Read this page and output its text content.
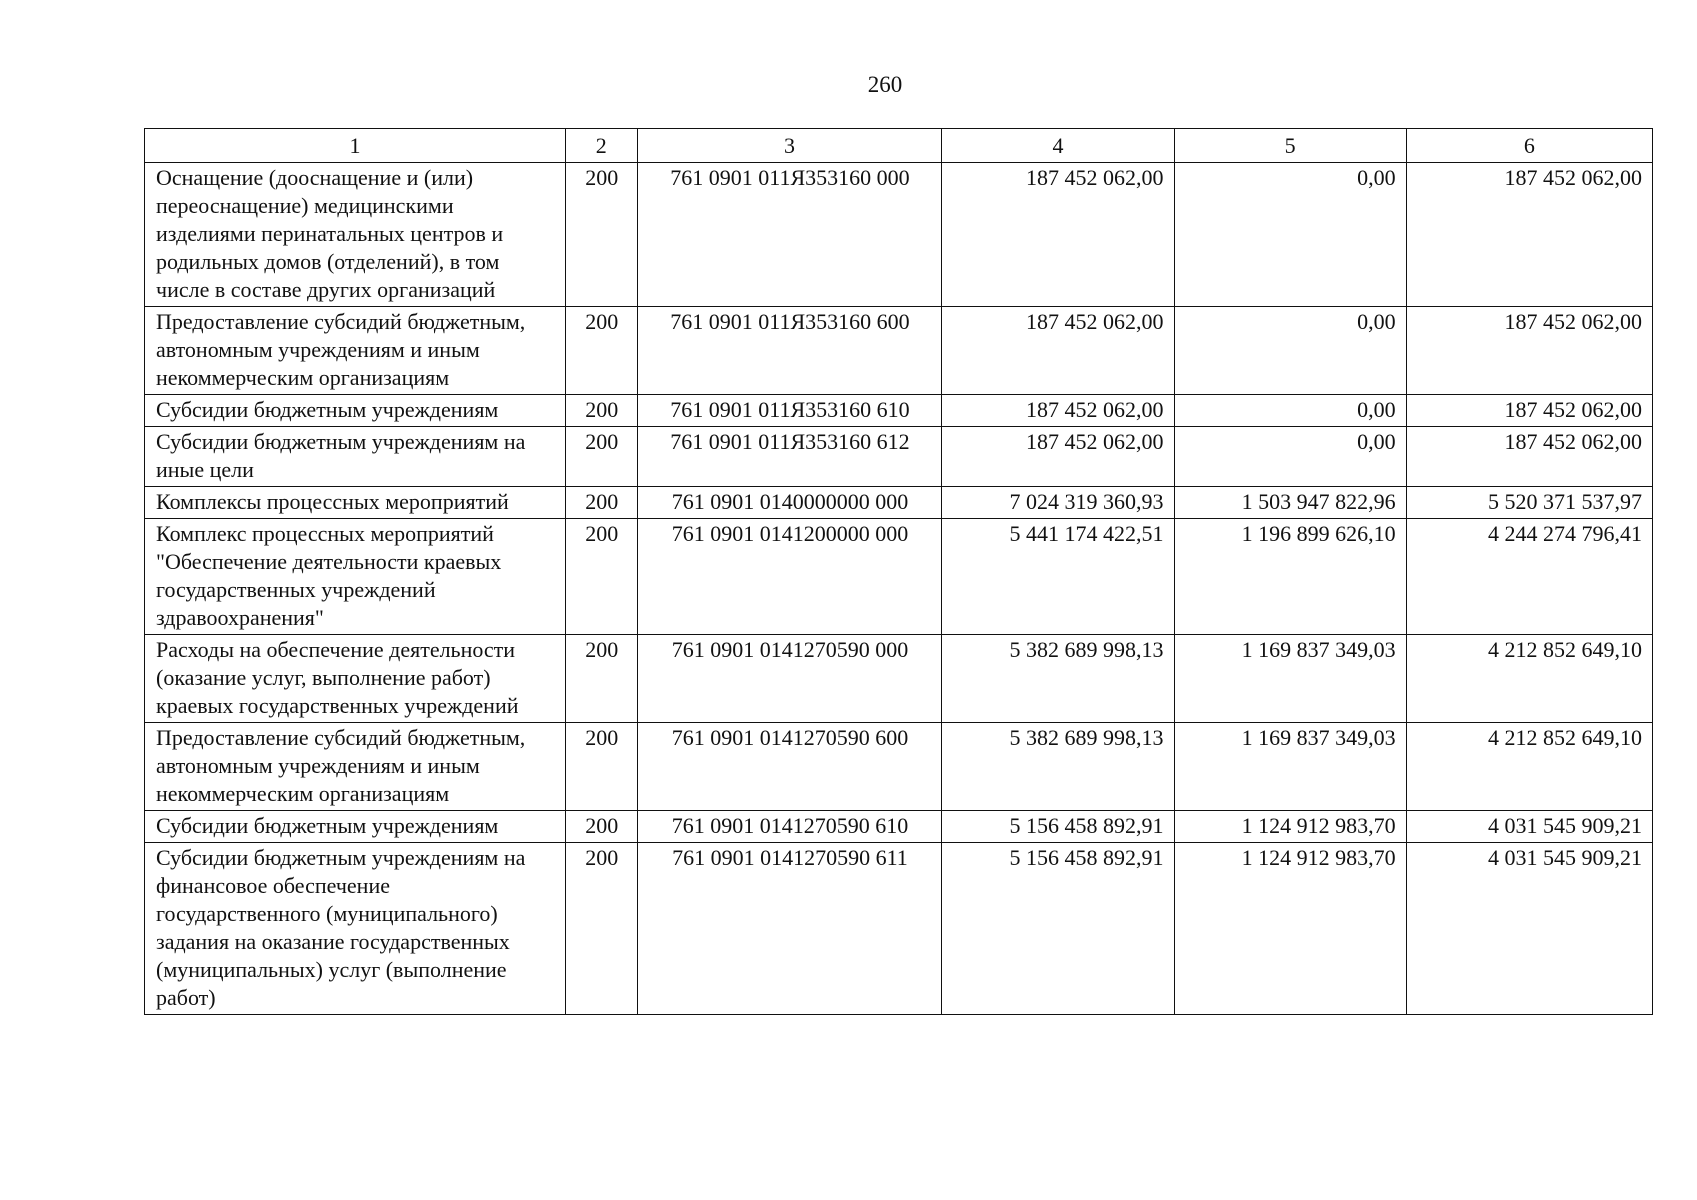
260
1	2	3	4	5	6
Оснащение (дооснащение и (или) переоснащение) медицинскими изделиями перинатальных центров и родильных домов (отделений), в том числе в составе других организаций	200	761 0901 011Я353160 000	187 452 062,00	0,00	187 452 062,00
Предоставление субсидий бюджетным, автономным учреждениям и иным некоммерческим организациям	200	761 0901 011Я353160 600	187 452 062,00	0,00	187 452 062,00
Субсидии бюджетным учреждениям	200	761 0901 011Я353160 610	187 452 062,00	0,00	187 452 062,00
Субсидии бюджетным учреждениям на иные цели	200	761 0901 011Я353160 612	187 452 062,00	0,00	187 452 062,00
Комплексы процессных мероприятий	200	761 0901 0140000000 000	7 024 319 360,93	1 503 947 822,96	5 520 371 537,97
Комплекс процессных мероприятий "Обеспечение деятельности краевых государственных учреждений здравоохранения"	200	761 0901 0141200000 000	5 441 174 422,51	1 196 899 626,10	4 244 274 796,41
Расходы на обеспечение деятельности (оказание услуг, выполнение работ) краевых государственных учреждений	200	761 0901 0141270590 000	5 382 689 998,13	1 169 837 349,03	4 212 852 649,10
Предоставление субсидий бюджетным, автономным учреждениям и иным некоммерческим организациям	200	761 0901 0141270590 600	5 382 689 998,13	1 169 837 349,03	4 212 852 649,10
Субсидии бюджетным учреждениям	200	761 0901 0141270590 610	5 156 458 892,91	1 124 912 983,70	4 031 545 909,21
Субсидии бюджетным учреждениям на финансовое обеспечение государственного (муниципального) задания на оказание государственных (муниципальных) услуг (выполнение работ)	200	761 0901 0141270590 611	5 156 458 892,91	1 124 912 983,70	4 031 545 909,21
